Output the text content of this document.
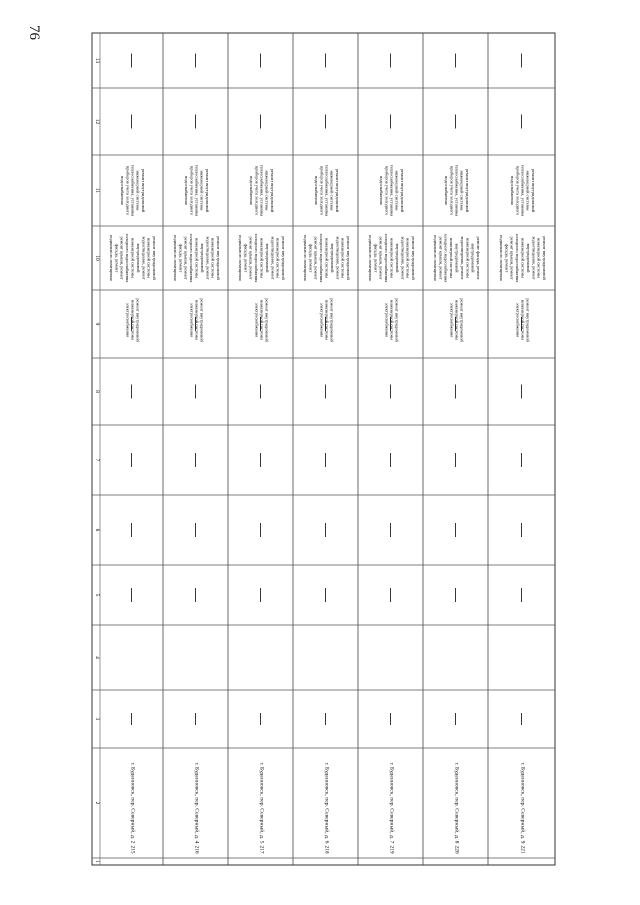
76
13
12
11
10
9
8
7
6
5
4
3
2
1
215
г. Буденновск, пер. Северный, д. 2
ремонт внутридомовой
инженерной системы
электроснабжения
ремонт внутридомовой
инженерной системы
водоотведения, ремонт
внутридомовой
инженерной системы
холодного водоснабжения
ремонт крыши, ремонт
фасада, ремонт
подвального помещения
ремонт внутридомовой
инженерной системы
теплоснабжения, установка
приборов учета холодного
водоснабжения
216
г. Буденновск, пер. Северный, д. 4
ремонт внутридомовой
инженерной системы
электроснабжения
ремонт внутридомовой
инженерной системы
водоотведения, ремонт
внутридомовой
инженерной системы
холодного водоснабжения
ремонт крыши, ремонт
фасада, ремонт
подвального помещения
ремонт внутридомовой
инженерной системы
теплоснабжения, установка
приборов учета холодного
водоснабжения
217
г. Буденновск, пер. Северный, д. 5
ремонт внутридомовой
инженерной системы
электроснабжения
ремонт внутридомовой
инженерной системы
водоотведения, ремонт
внутридомовой
инженерной системы
холодного водоснабжения
ремонт крыши, ремонт
фасада, ремонт
подвального помещения
ремонт внутридомовой
инженерной системы
теплоснабжения, установка
приборов учета холодного
водоснабжения
218
г. Буденновск, пер. Северный, д. 6
ремонт внутридомовой
инженерной системы
электроснабжения
ремонт внутридомовой
инженерной системы
водоотведения, ремонт
внутридомовой
инженерной системы
холодного водоснабжения
ремонт крыши, ремонт
фасада, ремонт
подвального помещения
ремонт внутридомовой
инженерной системы
теплоснабжения, установка
приборов учета холодного
водоснабжения
219
г. Буденновск, пер. Северный, д. 7
ремонт внутридомовой
инженерной системы
электроснабжения
ремонт внутридомовой
инженерной системы
водоотведения, ремонт
внутридомовой
инженерной системы
холодного водоснабжения
ремонт крыши, ремонт
фасада, ремонт
подвального помещения
ремонт внутридомовой
инженерной системы
теплоснабжения, установка
приборов учета холодного
водоснабжения
220
г. Буденновск, пер. Северный, д. 8
ремонт внутридомовой
инженерной системы
электроснабжения
ремонт фасада, ремонт
внутридомовой
инженерной системы
водоотведения, ремонт
внутридомовой
инженерной системы
холодного водоснабжения
ремонт крыши, ремонт
подвального помещения
ремонт внутридомовой
инженерной системы
теплоснабжения, установка
приборов учета холодного
водоснабжения
221
г. Буденновск, пер. Северный, д. 9
ремонт внутридомовой
инженерной системы
электроснабжения
ремонт внутридомовой
инженерной системы
водоотведения, ремонт
внутридомовой
инженерной системы
холодного водоснабжения
ремонт крыши, ремонт
фасада, ремонт
подвального помещения
ремонт внутридомовой
инженерной системы
теплоснабжения, установка
приборов учета холодного
водоснабжения
